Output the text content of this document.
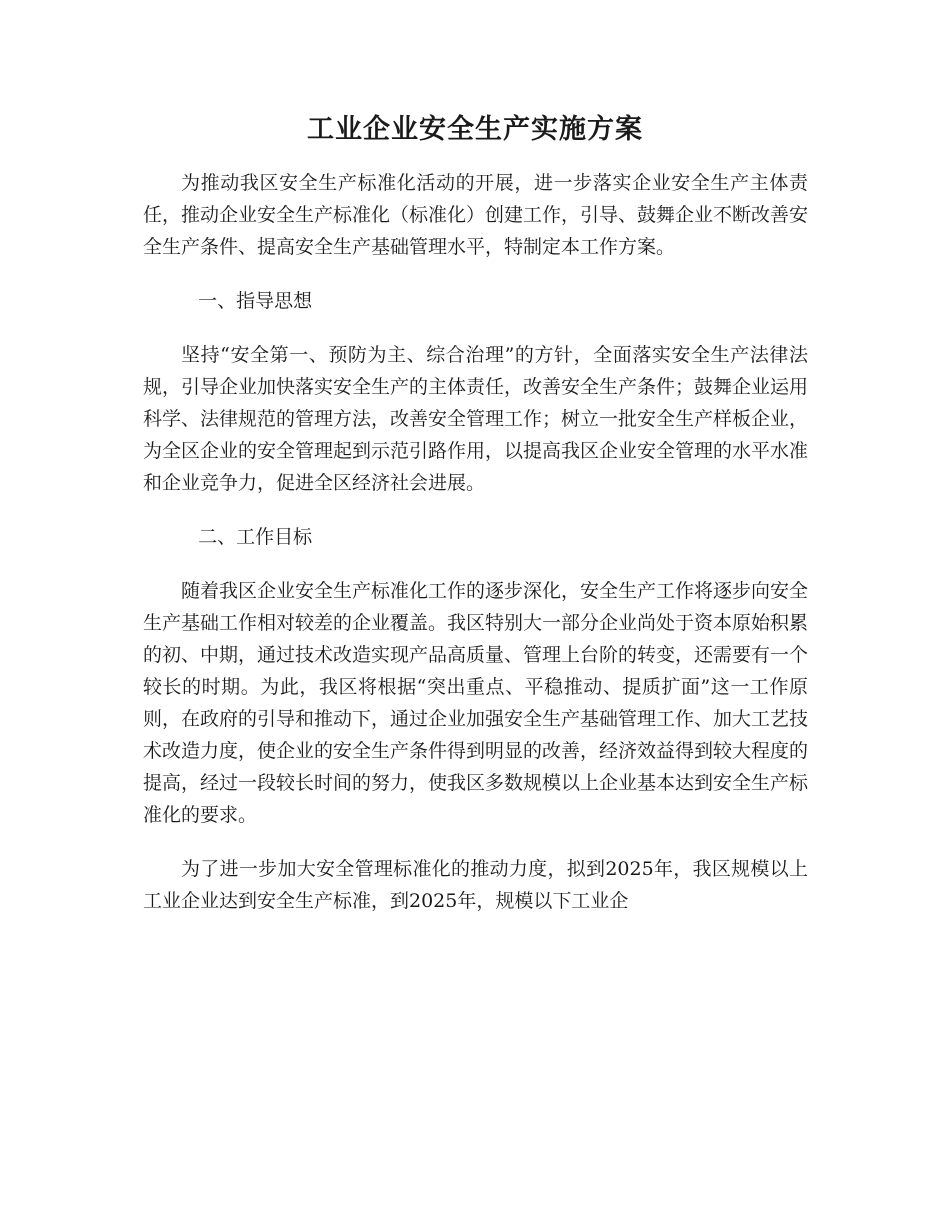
工业企业安全生产实施方案

为推动我区安全生产标准化活动的开展，进一步落实企业安全生产主体责任，推动企业安全生产标准化（标准化）创建工作，引导、鼓舞企业不断改善安全生产条件、提高安全生产基础管理水平，特制定本工作方案。

一、指导思想

坚持“安全第一、预防为主、综合治理”的方针，全面落实安全生产法律法规，引导企业加快落实安全生产的主体责任，改善安全生产条件；鼓舞企业运用科学、法律规范的管理方法，改善安全管理工作；树立一批安全生产样板企业，为全区企业的安全管理起到示范引路作用，以提高我区企业安全管理的水平水准和企业竞争力，促进全区经济社会进展。

二、工作目标

随着我区企业安全生产标准化工作的逐步深化，安全生产工作将逐步向安全生产基础工作相对较差的企业覆盖。我区特别大一部分企业尚处于资本原始积累的初、中期，通过技术改造实现产品高质量、管理上台阶的转变，还需要有一个较长的时期。为此，我区将根据“突出重点、平稳推动、提质扩面”这一工作原则，在政府的引导和推动下，通过企业加强安全生产基础管理工作、加大工艺技术改造力度，使企业的安全生产条件得到明显的改善，经济效益得到较大程度的提高，经过一段较长时间的努力，使我区多数规模以上企业基本达到安全生产标准化的要求。

为了进一步加大安全管理标准化的推动力度，拟到2025年，我区规模以上工业企业达到安全生产标准，到2025年，规模以下工业企
